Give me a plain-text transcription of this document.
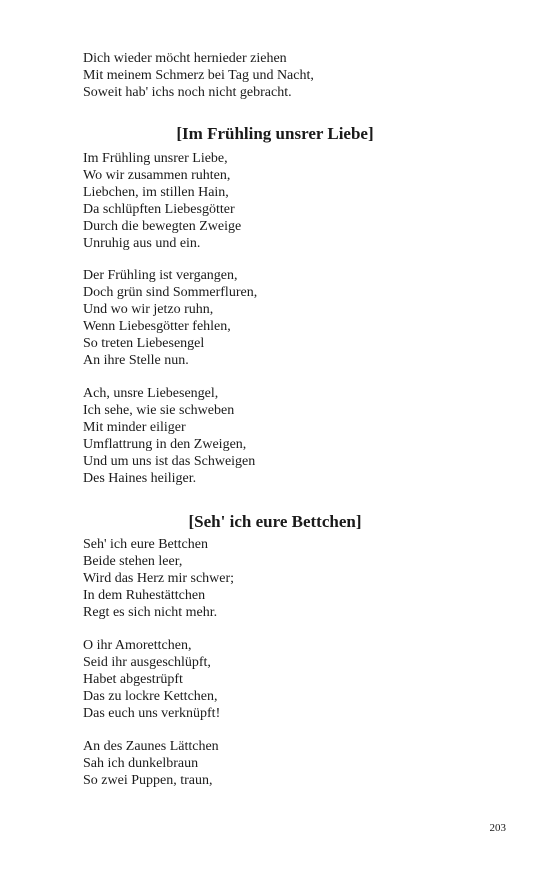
Dich wieder möcht hernieder ziehen
Mit meinem Schmerz bei Tag und Nacht,
Soweit hab' ichs noch nicht gebracht.
[Im Frühling unsrer Liebe]
Im Frühling unsrer Liebe,
Wo wir zusammen ruhten,
Liebchen, im stillen Hain,
Da schlüpften Liebesgötter
Durch die bewegten Zweige
Unruhig aus und ein.
Der Frühling ist vergangen,
Doch grün sind Sommerfluren,
Und wo wir jetzo ruhn,
Wenn Liebesgötter fehlen,
So treten Liebesengel
An ihre Stelle nun.
Ach, unsre Liebesengel,
Ich sehe, wie sie schweben
Mit minder eiliger
Umflattrung in den Zweigen,
Und um uns ist das Schweigen
Des Haines heiliger.
[Seh' ich eure Bettchen]
Seh' ich eure Bettchen
Beide stehen leer,
Wird das Herz mir schwer;
In dem Ruhestättchen
Regt es sich nicht mehr.
O ihr Amorettchen,
Seid ihr ausgeschlüpft,
Habet abgestrüpft
Das zu lockre Kettchen,
Das euch uns verknüpft!
An des Zaunes Lättchen
Sah ich dunkelbraun
So zwei Puppen, traun,
203
